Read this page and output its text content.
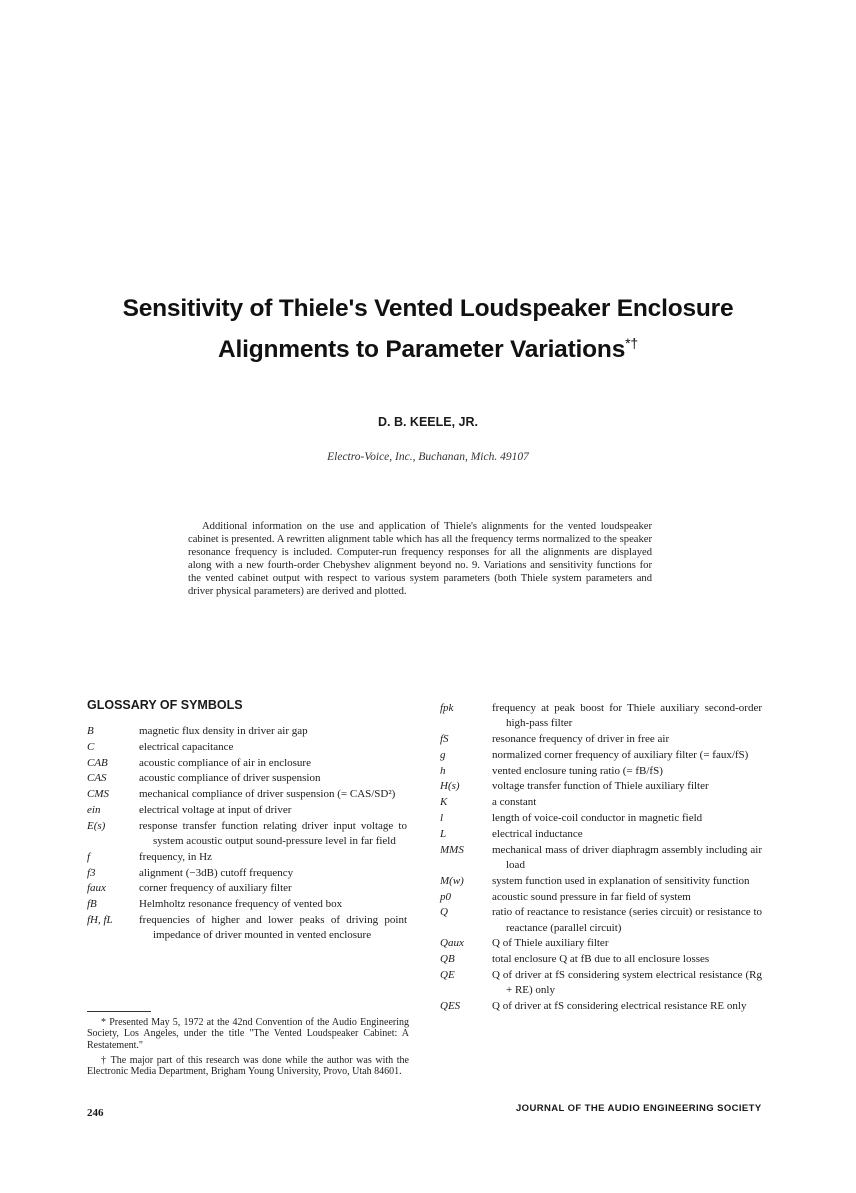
Sensitivity of Thiele's Vented Loudspeaker Enclosure
Alignments to Parameter Variations*†
D. B. KEELE, JR.
Electro-Voice, Inc., Buchanan, Mich. 49107

Additional information on the use and application of Thiele's alignments for the vented loudspeaker cabinet is presented. A rewritten alignment table which has all the frequency terms normalized to the speaker resonance frequency is included. Computer-run frequency responses for all the alignments are displayed along with a new fourth-order Chebyshev alignment beyond no. 9. Variations and sensitivity functions for the vented cabinet output with respect to various system parameters (both Thiele system parameters and driver physical parameters) are derived and plotted.

GLOSSARY OF SYMBOLS
B	magnetic flux density in driver air gap
C	electrical capacitance
CAB	acoustic compliance of air in enclosure
CAS	acoustic compliance of driver suspension
CMS	mechanical compliance of driver suspension (= CAS/SD²)
ein	electrical voltage at input of driver
E(s)	response transfer function relating driver input voltage to system acoustic output sound-pressure level in far field
f	frequency, in Hz
f3	alignment (−3dB) cutoff frequency
faux	corner frequency of auxiliary filter
fB	Helmholtz resonance frequency of vented box
fH, fL	frequencies of higher and lower peaks of driving point impedance of driver mounted in vented enclosure
fpk	frequency at peak boost for Thiele auxiliary second-order high-pass filter
fS	resonance frequency of driver in free air
g	normalized corner frequency of auxiliary filter (= faux/fS)
h	vented enclosure tuning ratio (= fB/fS)
H(s)	voltage transfer function of Thiele auxiliary filter
K	a constant
l	length of voice-coil conductor in magnetic field
L	electrical inductance
MMS	mechanical mass of driver diaphragm assembly including air load
M(w)	system function used in explanation of sensitivity function
p0	acoustic sound pressure in far field of system
Q	ratio of reactance to resistance (series circuit) or resistance to reactance (parallel circuit)
Qaux	Q of Thiele auxiliary filter
QB	total enclosure Q at fB due to all enclosure losses
QE	Q of driver at fS considering system electrical resistance (Rg + RE) only
QES	Q of driver at fS considering electrical resistance RE only

* Presented May 5, 1972 at the 42nd Convention of the Audio Engineering Society, Los Angeles, under the title "The Vented Loudspeaker Cabinet: A Restatement."

† The major part of this research was done while the author was with the Electronic Media Department, Brigham Young University, Provo, Utah 84601.

246	JOURNAL OF THE AUDIO ENGINEERING SOCIETY
